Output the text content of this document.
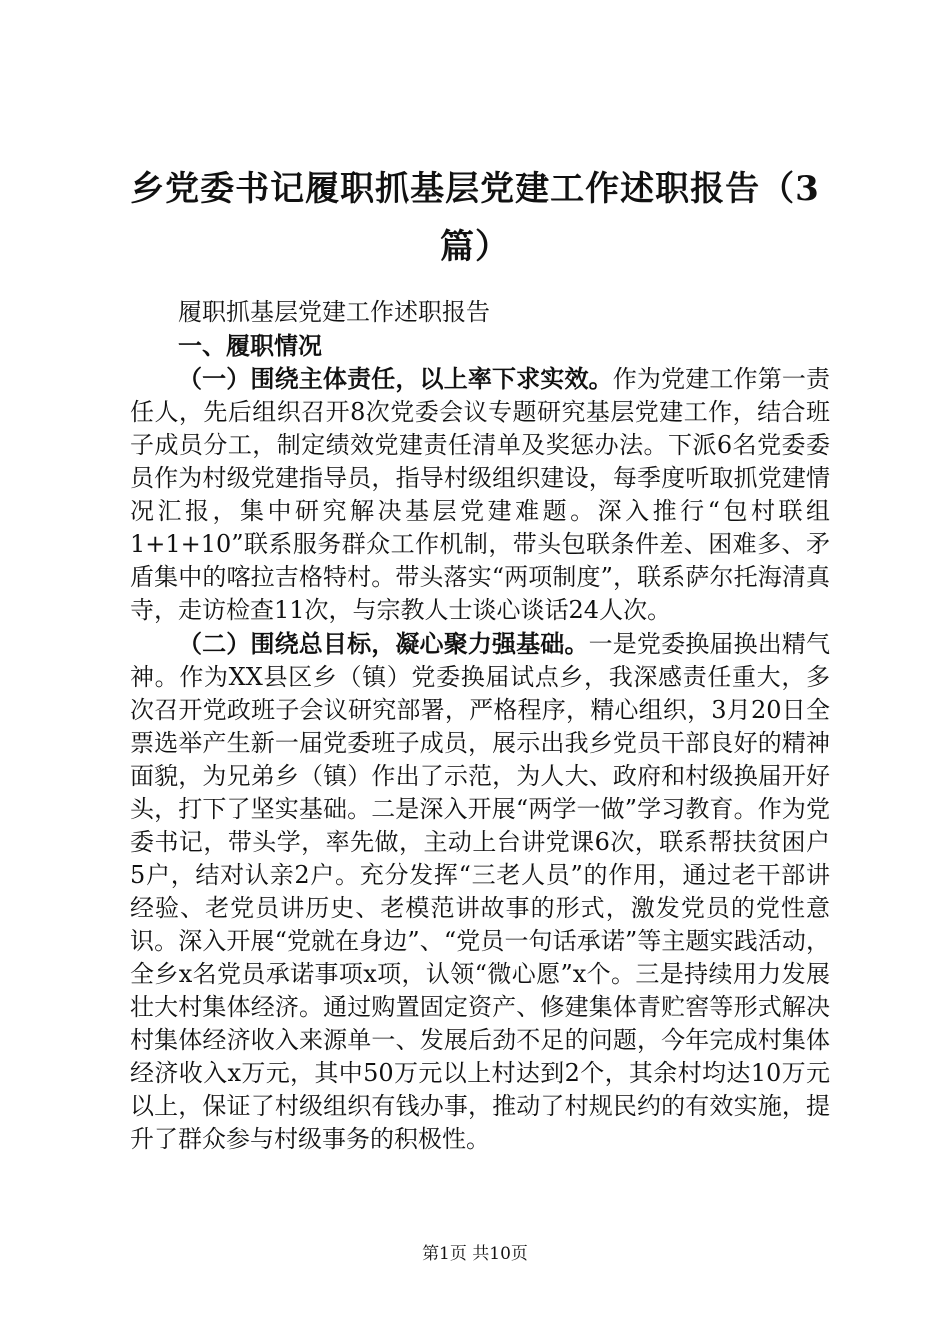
乡党委书记履职抓基层党建工作述职报告（3篇）

履职抓基层党建工作述职报告

一、履职情况

（一）围绕主体责任，以上率下求实效。作为党建工作第一责任人，先后组织召开8次党委会议专题研究基层党建工作，结合班子成员分工，制定绩效党建责任清单及奖惩办法。下派6名党委委员作为村级党建指导员，指导村级组织建设，每季度听取抓党建情况汇报，集中研究解决基层党建难题。深入推行“包村联组1+1+10”联系服务群众工作机制，带头包联条件差、困难多、矛盾集中的喀拉吉格特村。带头落实“两项制度”，联系萨尔托海清真寺，走访检查11次，与宗教人士谈心谈话24人次。

（二）围绕总目标，凝心聚力强基础。一是党委换届换出精气神。作为XX县区乡（镇）党委换届试点乡，我深感责任重大，多次召开党政班子会议研究部署，严格程序，精心组织，3月20日全票选举产生新一届党委班子成员，展示出我乡党员干部良好的精神面貌，为兄弟乡（镇）作出了示范，为人大、政府和村级换届开好头，打下了坚实基础。二是深入开展“两学一做”学习教育。作为党委书记，带头学，率先做，主动上台讲党课6次，联系帮扶贫困户5户，结对认亲2户。充分发挥“三老人员”的作用，通过老干部讲经验、老党员讲历史、老模范讲故事的形式，激发党员的党性意识。深入开展“党就在身边”、“党员一句话承诺”等主题实践活动，全乡x名党员承诺事项x项，认领“微心愿”x个。三是持续用力发展壮大村集体经济。通过购置固定资产、修建集体青贮窖等形式解决村集体经济收入来源单一、发展后劲不足的问题，今年完成村集体经济收入x万元，其中50万元以上村达到2个，其余村均达10万元以上，保证了村级组织有钱办事，推动了村规民约的有效实施，提升了群众参与村级事务的积极性。

第1页 共10页
